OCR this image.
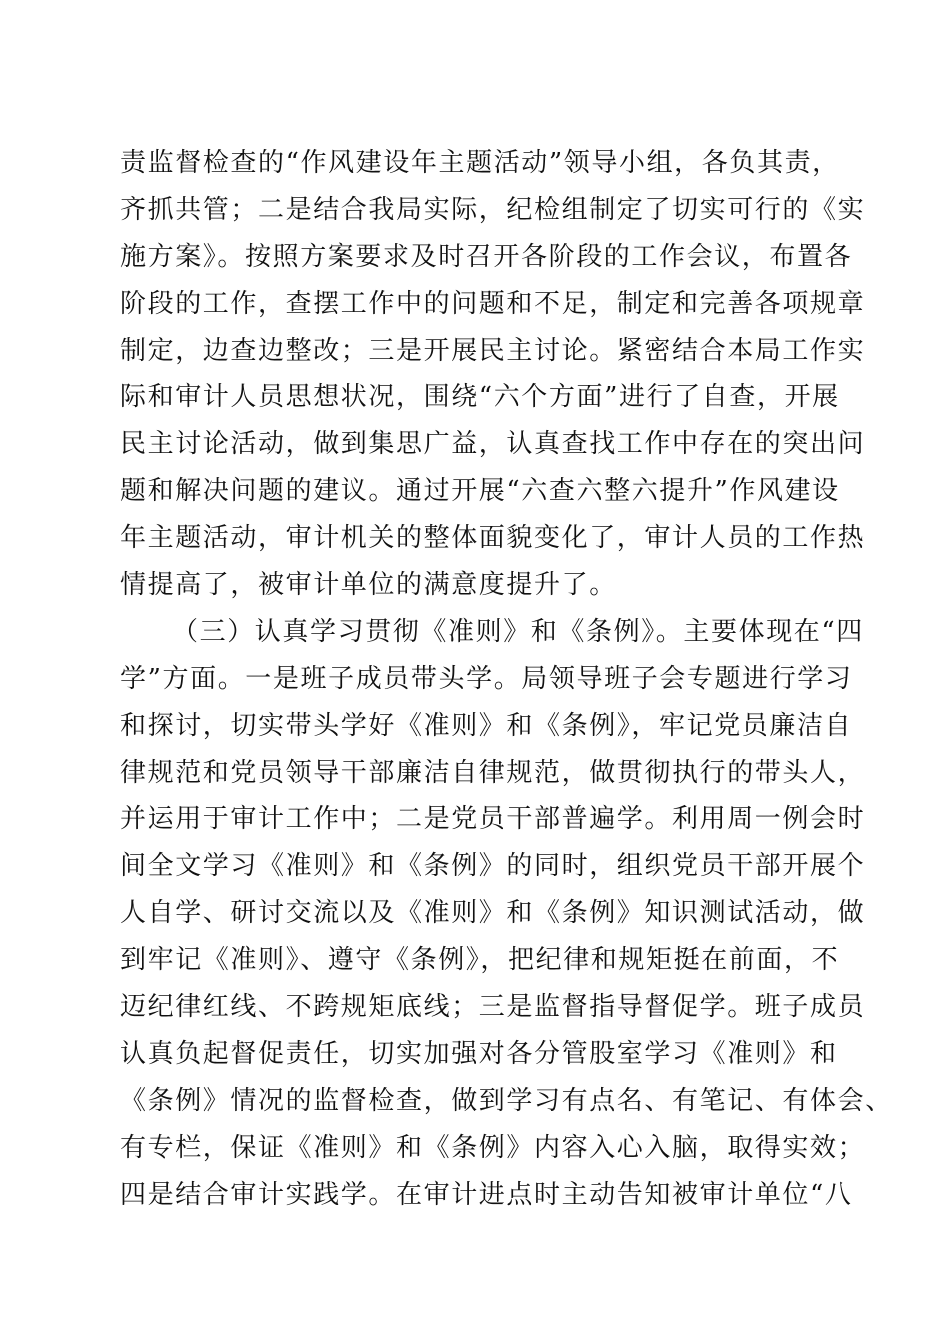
责监督检查的“作风建设年主题活动”领导小组，各负其责，
齐抓共管；二是结合我局实际，纪检组制定了切实可行的《实
施方案》。按照方案要求及时召开各阶段的工作会议，布置各
阶段的工作，查摆工作中的问题和不足，制定和完善各项规章
制定，边查边整改；三是开展民主讨论。紧密结合本局工作实
际和审计人员思想状况，围绕“六个方面”进行了自查，开展
民主讨论活动，做到集思广益，认真查找工作中存在的突出问
题和解决问题的建议。通过开展“六查六整六提升”作风建设
年主题活动，审计机关的整体面貌变化了，审计人员的工作热
情提高了，被审计单位的满意度提升了。
（三）认真学习贯彻《准则》和《条例》。主要体现在“四
学”方面。一是班子成员带头学。局领导班子会专题进行学习
和探讨，切实带头学好《准则》和《条例》，牢记党员廉洁自
律规范和党员领导干部廉洁自律规范，做贯彻执行的带头人，
并运用于审计工作中；二是党员干部普遍学。利用周一例会时
间全文学习《准则》和《条例》的同时，组织党员干部开展个
人自学、研讨交流以及《准则》和《条例》知识测试活动，做
到牢记《准则》、遵守《条例》，把纪律和规矩挺在前面，不
迈纪律红线、不跨规矩底线；三是监督指导督促学。班子成员
认真负起督促责任，切实加强对各分管股室学习《准则》和
《条例》情况的监督检查，做到学习有点名、有笔记、有体会、
有专栏，保证《准则》和《条例》内容入心入脑，取得实效；
四是结合审计实践学。在审计进点时主动告知被审计单位“八
